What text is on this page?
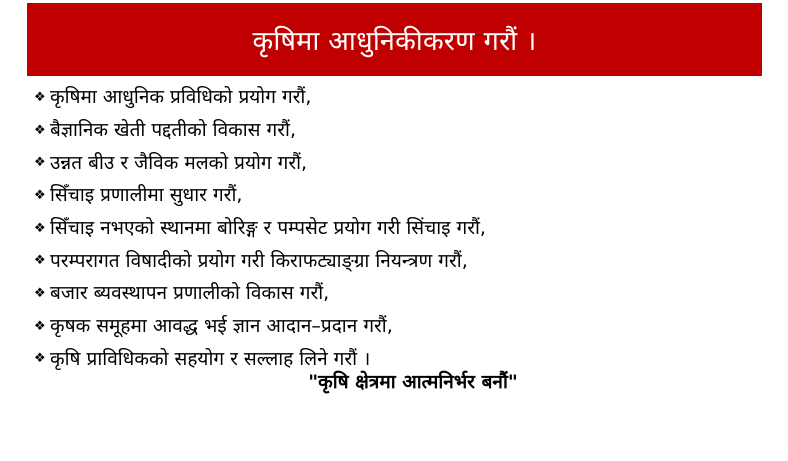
कृषिमा आधुनिकीकरण गरौं ।
❖ कृषिमा आधुनिक प्रविधिको प्रयोग गरौं,
❖ बैज्ञानिक खेती पद्दतीको विकास गरौं,
❖ उन्नत बीउ र जैविक मलको प्रयोग गरौं,
❖ सिँचाइ प्रणालीमा सुधार गरौं,
❖ सिँचाइ नभएको स्थानमा बोरिङ्ग र पम्पसेट प्रयोग गरी सिंचाइ गरौं,
❖ परम्परागत विषादीको प्रयोग गरी किराफट्याङ्ग्रा नियन्त्रण गरौं,
❖ बजार ब्यवस्थापन प्रणालीको विकास गरौं,
❖ कृषक समूहमा आवद्ध भई ज्ञान आदान–प्रदान गरौं,
❖ कृषि प्राविधिकको सहयोग र सल्लाह लिने गरौं ।
"कृषि क्षेत्रमा आत्मनिर्भर बनौं"
